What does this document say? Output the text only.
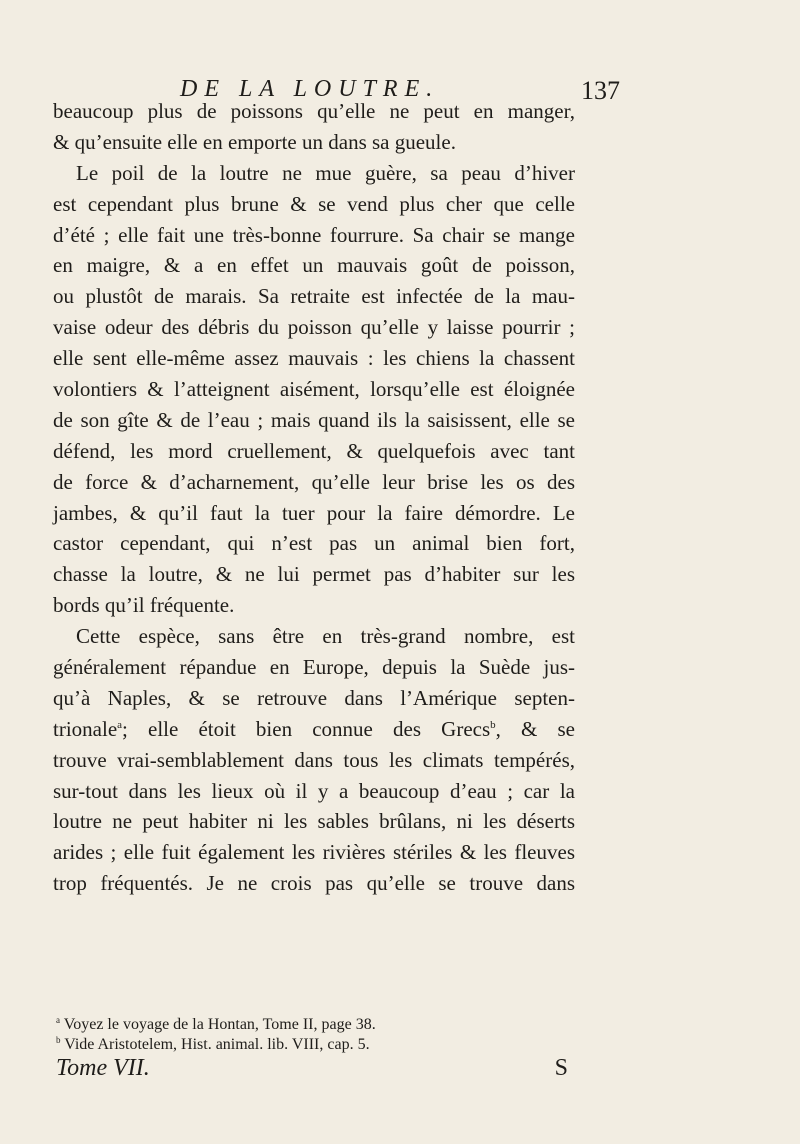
DE LA LOUTRE.	137
beaucoup plus de poissons qu’elle ne peut en manger,
& qu’ensuite elle en emporte un dans sa gueule.
Le poil de la loutre ne mue guère, sa peau d’hiver
est cependant plus brune & se vend plus cher que celle
d’été ; elle fait une très-bonne fourrure. Sa chair se mange
en maigre, & a en effet un mauvais goût de poisson,
ou plustôt de marais. Sa retraite est infectée de la mau-
vaise odeur des débris du poisson qu’elle y laisse pourrir ;
elle sent elle-même assez mauvais : les chiens la chassent
volontiers & l’atteignent aisément, lorsqu’elle est éloignée
de son gîte & de l’eau ; mais quand ils la saisissent, elle se
défend, les mord cruellement, & quelquefois avec tant
de force & d’acharnement, qu’elle leur brise les os des
jambes, & qu’il faut la tuer pour la faire démordre. Le
castor cependant, qui n’est pas un animal bien fort,
chasse la loutre, & ne lui permet pas d’habiter sur les
bords qu’il fréquente.
Cette espèce, sans être en très-grand nombre, est
généralement répandue en Europe, depuis la Suède jus-
qu’à Naples, & se retrouve dans l’Amérique septen-
trionale$^a$; elle étoit bien connue des Grecs$^b$, & se
trouve vrai-semblablement dans tous les climats tempérés,
sur-tout dans les lieux où il y a beaucoup d’eau ; car la
loutre ne peut habiter ni les sables brûlans, ni les déserts
arides ; elle fuit également les rivières stériles & les fleuves
trop fréquentés. Je ne crois pas qu’elle se trouve dans
$^a$ Voyez le voyage de la Hontan, Tome II, page 38.
$^b$ Vide Aristotelem, Hist. animal. lib. VIII, cap. 5.
Tome VII.	S
